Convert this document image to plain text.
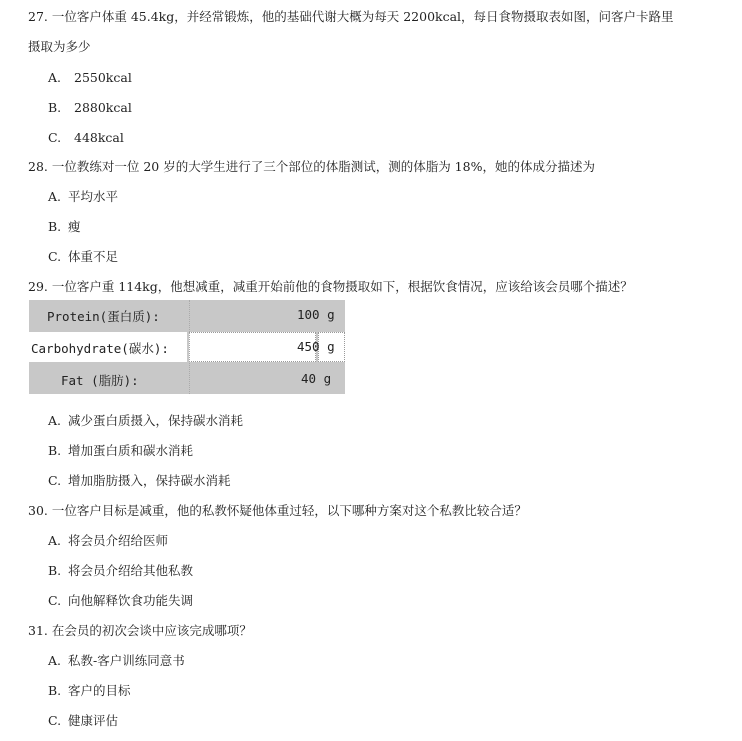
27. 一位客户体重 45.4kg，并经常锻炼，他的基础代谢大概为每天 2200kcal，每日食物摄取表如图，问客户卡路里
摄取为多少
A. 2550kcal
B. 2880kcal
C. 448kcal
28. 一位教练对一位 20 岁的大学生进行了三个部位的体脂测试，测的体脂为 18%，她的体成分描述为
A. 平均水平
B. 瘦
C. 体重不足
29. 一位客户重 114kg，他想减重，减重开始前他的食物摄取如下，根据饮食情况，应该给该会员哪个描述？
Protein(蛋白质):	100 g
Carbohydrate(碳水):	450 g
Fat (脂肪):	40 g
A. 减少蛋白质摄入，保持碳水消耗
B. 增加蛋白质和碳水消耗
C. 增加脂肪摄入，保持碳水消耗
30. 一位客户目标是减重，他的私教怀疑他体重过轻，以下哪种方案对这个私教比较合适？
A. 将会员介绍给医师
B. 将会员介绍给其他私教
C. 向他解释饮食功能失调
31. 在会员的初次会谈中应该完成哪项？
A. 私教-客户训练同意书
B. 客户的目标
C. 健康评估
